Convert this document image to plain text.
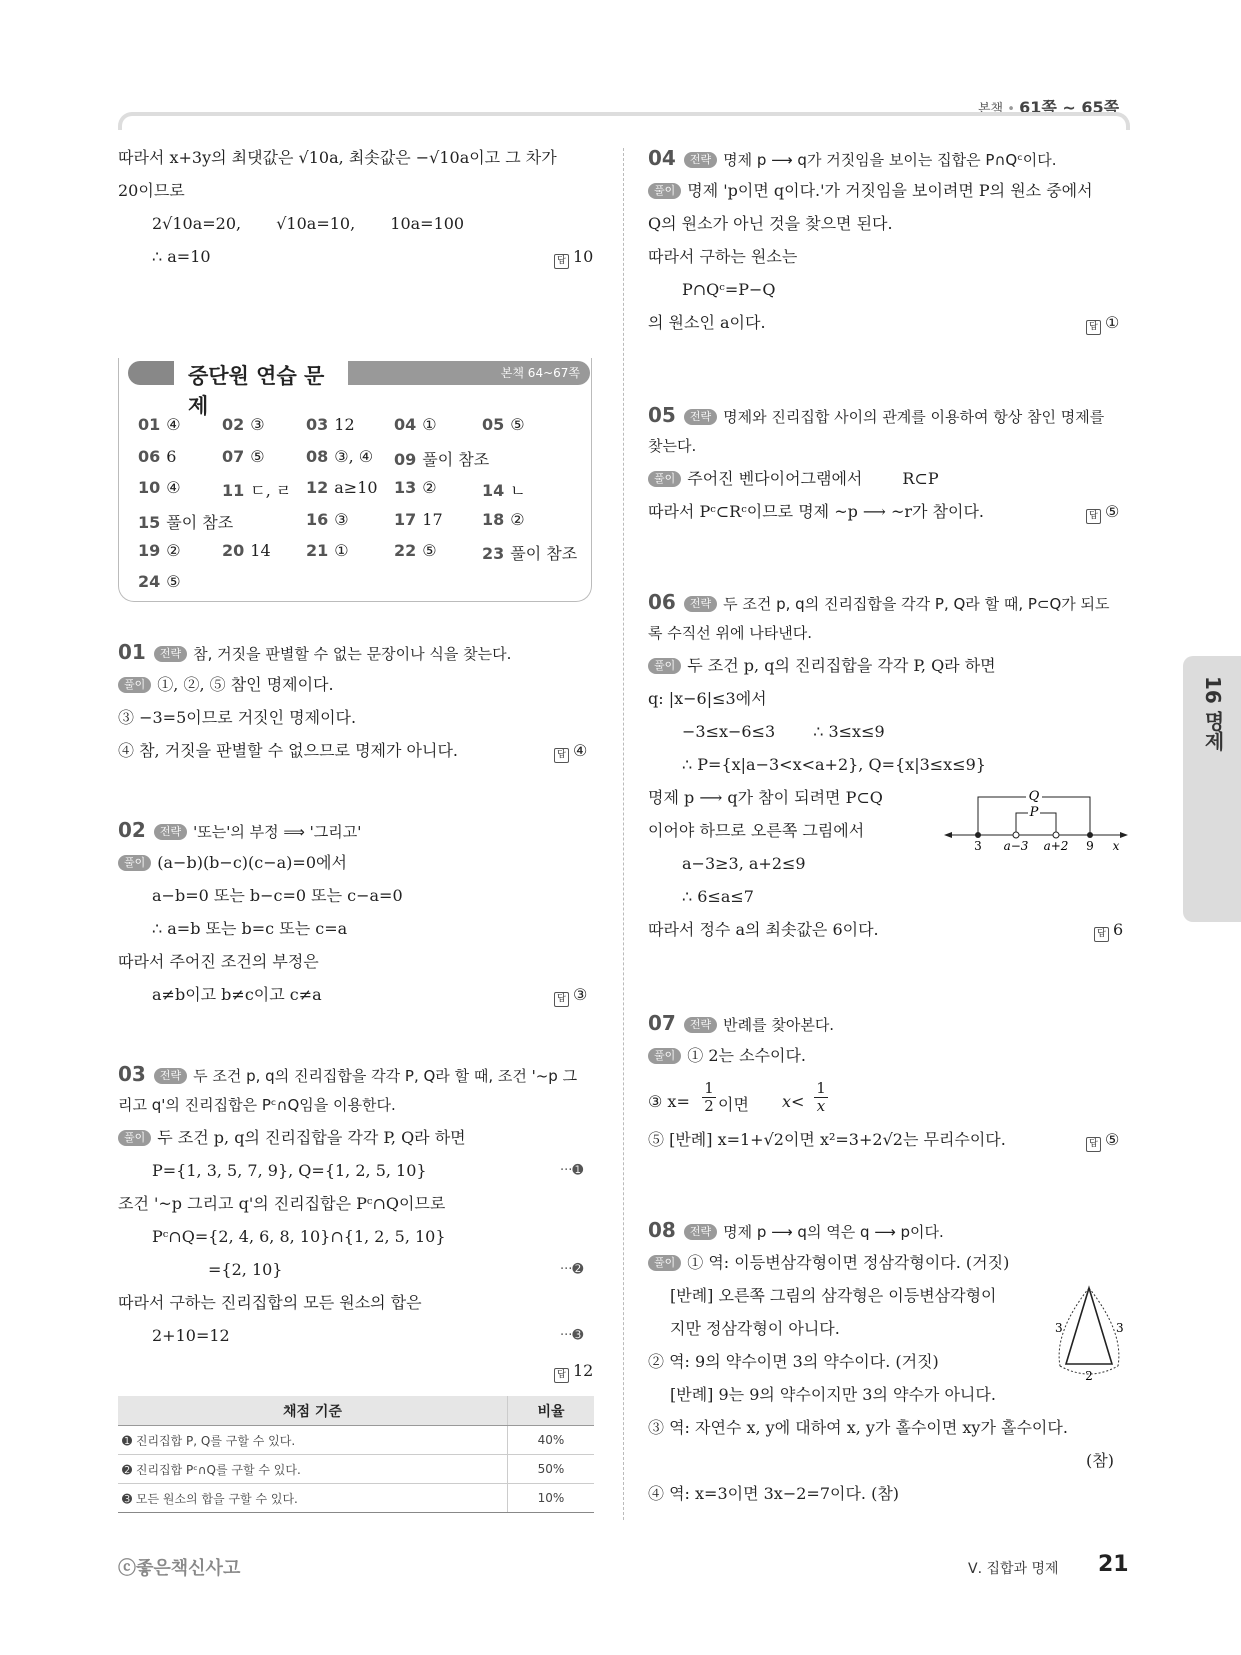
본책 • 61쪽 ~ 65쪽
16 명제
따라서 x+3y의 최댓값은 √10a, 최솟값은 −√10a이고 그 차가
20이므로
2√10a=20, √10a=10, 10a=100
∴ a=10	답 10
중단원 연습 문제
본책 64~67쪽
01 ④	02 ③	03 12 04 ①	05 ⑤
06 6	07 ⑤	08 ③, ④ 09 풀이 참조
10 ④	11 ㄷ, ㄹ 12 a≥10 13 ②	14 ㄴ
15 풀이 참조	16 ③	17 17 18 ②
19 ②	20 14 21 ①	22 ⑤	23 풀이 참조
24 ⑤
01 전략 참, 거짓을 판별할 수 없는 문장이나 식을 찾는다.
풀이 ①, ②, ⑤ 참인 명제이다.
③ −3=5이므로 거짓인 명제이다.
④ 참, 거짓을 판별할 수 없으므로 명제가 아니다.	답 ④
02 전략 '또는'의 부정 ⟹ '그리고'
풀이 (a−b)(b−c)(c−a)=0에서
a−b=0 또는 b−c=0 또는 c−a=0
∴ a=b 또는 b=c 또는 c=a
따라서 주어진 조건의 부정은
a≠b이고 b≠c이고 c≠a	답 ③
03 전략 두 조건 p, q의 진리집합을 각각 P, Q라 할 때, 조건 '~p 그
리고 q'의 진리집합은 Pᶜ∩Q임을 이용한다.
풀이 두 조건 p, q의 진리집합을 각각 P, Q라 하면
P={1, 3, 5, 7, 9}, Q={1, 2, 5, 10}	···➊
조건 '~p 그리고 q'의 진리집합은 Pᶜ∩Q이므로
Pᶜ∩Q={2, 4, 6, 8, 10}∩{1, 2, 5, 10}
={2, 10}	···➋
따라서 구하는 진리집합의 모든 원소의 합은
2+10=12	···➌
답 12
채점 기준	비율
➊ 진리집합 P, Q를 구할 수 있다.	40%
➋ 진리집합 Pᶜ∩Q를 구할 수 있다.	50%
➌ 모든 원소의 합을 구할 수 있다.	10%
04 전략 명제 p ⟶ q가 거짓임을 보이는 집합은 P∩Qᶜ이다.
풀이 명제 'p이면 q이다.'가 거짓임을 보이려면 P의 원소 중에서
Q의 원소가 아닌 것을 찾으면 된다.
따라서 구하는 원소는
P∩Qᶜ=P−Q
의 원소인 a이다.	답 ①
05 전략 명제와 진리집합 사이의 관계를 이용하여 항상 참인 명제를
찾는다.
풀이 주어진 벤다이어그램에서	R⊂P
따라서 Pᶜ⊂Rᶜ이므로 명제 ~p ⟶ ~r가 참이다.	답 ⑤
06 전략 두 조건 p, q의 진리집합을 각각 P, Q라 할 때, P⊂Q가 되도
록 수직선 위에 나타낸다.
풀이 두 조건 p, q의 진리집합을 각각 P, Q라 하면
q: |x−6|≤3에서
−3≤x−6≤3 ∴ 3≤x≤9
∴ P={x|a−3<x<a+2}, Q={x|3≤x≤9}
명제 p ⟶ q가 참이 되려면 P⊂Q
이어야 하므로 오른쪽 그림에서
a−3≥3, a+2≤9
∴ 6≤a≤7
따라서 정수 a의 최솟값은 6이다.	답 6
Q
P
3 a−3 a+2 9 x
07 전략 반례를 찾아본다.
풀이 ① 2는 소수이다.
③ $x= \frac{1}{2}$ 이면 $x< \frac{1}{x}$
⑤ [반례] x=1+√2이면 x²=3+2√2는 무리수이다.	답 ⑤
08 전략 명제 p ⟶ q의 역은 q ⟶ p이다.
풀이 ① 역: 이등변삼각형이면 정삼각형이다. (거짓)
[반례] 오른쪽 그림의 삼각형은 이등변삼각형이
지만 정삼각형이 아니다.
② 역: 9의 약수이면 3의 약수이다. (거짓)
[반례] 9는 9의 약수이지만 3의 약수가 아니다.
③ 역: 자연수 x, y에 대하여 x, y가 홀수이면 xy가 홀수이다.
(참)
④ 역: x=3이면 3x−2=7이다. (참)
3	3
2
ⓒ좋은책신사고	Ⅴ. 집합과 명제 21
